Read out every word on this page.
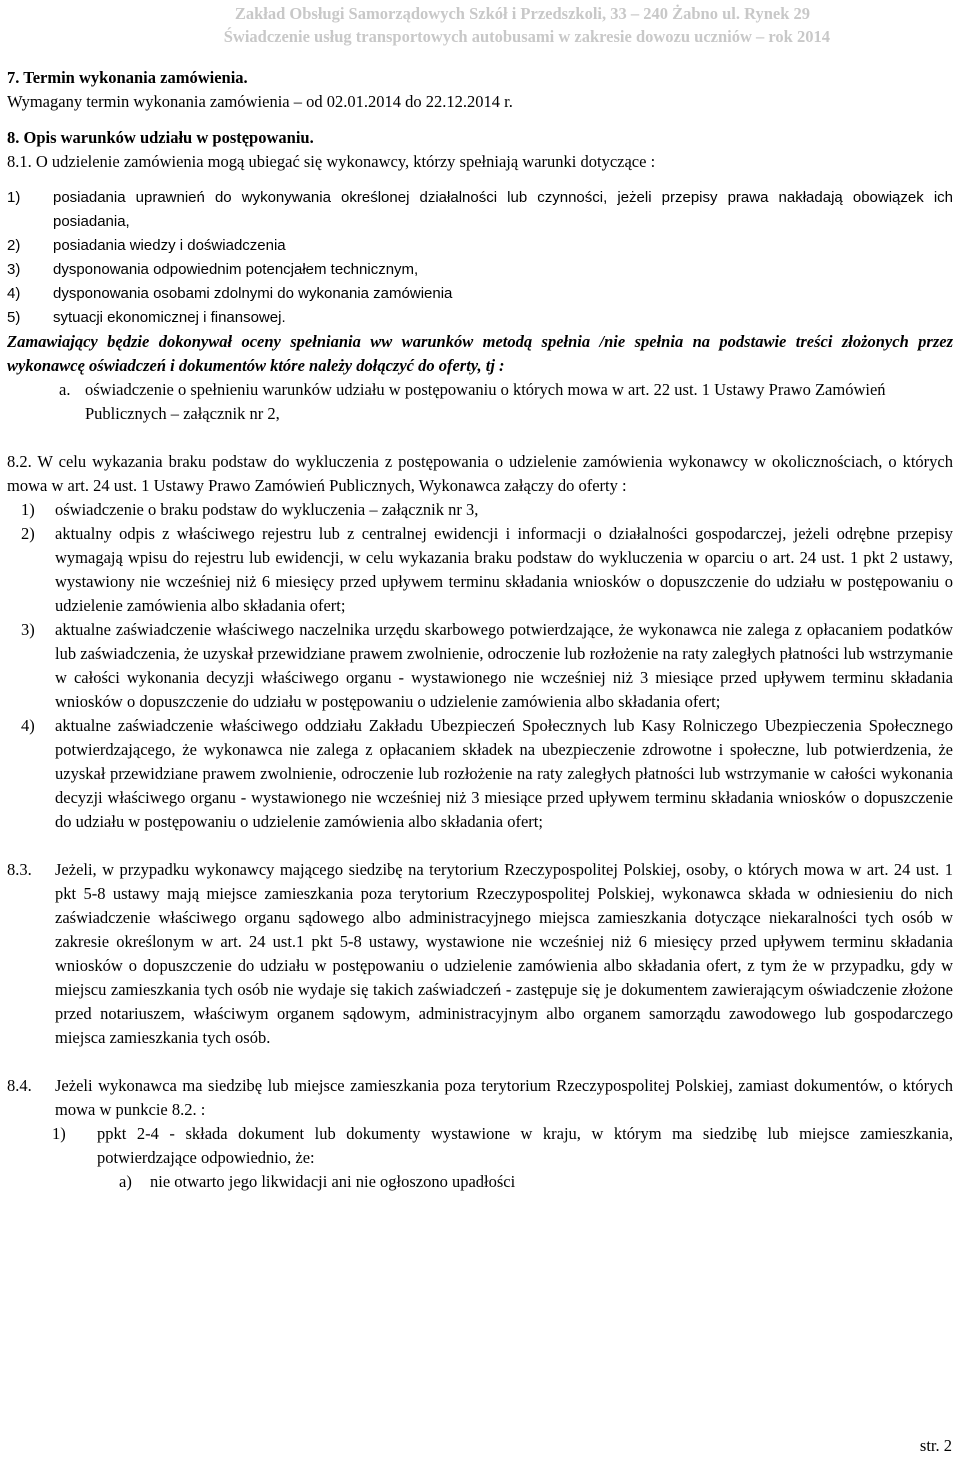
Zakład Obsługi Samorządowych Szkół i Przedszkoli, 33 – 240 Żabno ul. Rynek 29
Świadczenie usług transportowych autobusami w zakresie dowozu uczniów – rok 2014

7. Termin wykonania zamówienia.

Wymagany termin wykonania zamówienia – od 02.01.2014 do 22.12.2014 r.

8. Opis warunków udziału w postępowaniu.

8.1. O udzielenie zamówienia mogą ubiegać się wykonawcy, którzy spełniają warunki dotyczące :

1)	posiadania uprawnień do wykonywania określonej działalności lub czynności, jeżeli przepisy prawa nakładają obowiązek ich posiadania,
2) posiadania wiedzy i doświadczenia
3) dysponowania odpowiednim potencjałem technicznym,
4) dysponowania osobami zdolnymi do wykonania zamówienia
5) sytuacji ekonomicznej i finansowej.

Zamawiający będzie dokonywał oceny spełniania ww warunków metodą spełnia /nie spełnia na podstawie treści złożonych przez wykonawcę oświadczeń i dokumentów które należy dołączyć do oferty, tj :

a. oświadczenie o spełnieniu warunków udziału w postępowaniu o których mowa w art. 22 ust. 1 Ustawy Prawo Zamówień Publicznych – załącznik nr 2,

8.2. W celu wykazania braku podstaw do wykluczenia z postępowania o udzielenie zamówienia wykonawcy w okolicznościach, o których mowa w art. 24 ust. 1 Ustawy Prawo Zamówień Publicznych, Wykonawca załączy do oferty :

1) oświadczenie o braku podstaw do wykluczenia – załącznik nr 3,
2) aktualny odpis z właściwego rejestru lub z centralnej ewidencji i informacji o działalności gospodarczej, jeżeli odrębne przepisy wymagają wpisu do rejestru lub ewidencji, w celu wykazania braku podstaw do wykluczenia w oparciu o art. 24 ust. 1 pkt 2 ustawy, wystawiony nie wcześniej niż 6 miesięcy przed upływem terminu składania wniosków o dopuszczenie do udziału w postępowaniu o udzielenie zamówienia albo składania ofert;
3) aktualne zaświadczenie właściwego naczelnika urzędu skarbowego potwierdzające, że wykonawca nie zalega z opłacaniem podatków lub zaświadczenia, że uzyskał przewidziane prawem zwolnienie, odroczenie lub rozłożenie na raty zaległych płatności lub wstrzymanie w całości wykonania decyzji właściwego organu - wystawionego nie wcześniej niż 3 miesiące przed upływem terminu składania wniosków o dopuszczenie do udziału w postępowaniu o udzielenie zamówienia albo składania ofert;
4) aktualne zaświadczenie właściwego oddziału Zakładu Ubezpieczeń Społecznych lub Kasy Rolniczego Ubezpieczenia Społecznego potwierdzającego, że wykonawca nie zalega z opłacaniem składek na ubezpieczenie zdrowotne i społeczne, lub potwierdzenia, że uzyskał przewidziane prawem zwolnienie, odroczenie lub rozłożenie na raty zaległych płatności lub wstrzymanie w całości wykonania decyzji właściwego organu - wystawionego nie wcześniej niż 3 miesiące przed upływem terminu składania wniosków o dopuszczenie do udziału w postępowaniu o udzielenie zamówienia albo składania ofert;
8.3. Jeżeli, w przypadku wykonawcy mającego siedzibę na terytorium Rzeczypospolitej Polskiej, osoby, o których mowa w art. 24 ust. 1 pkt 5-8 ustawy mają miejsce zamieszkania poza terytorium Rzeczypospolitej Polskiej, wykonawca składa w odniesieniu do nich zaświadczenie właściwego organu sądowego albo administracyjnego miejsca zamieszkania dotyczące niekaralności tych osób w zakresie określonym w art. 24 ust.1 pkt 5-8 ustawy, wystawione nie wcześniej niż 6 miesięcy przed upływem terminu składania wniosków o dopuszczenie do udziału w postępowaniu o udzielenie zamówienia albo składania ofert, z tym że w przypadku, gdy w miejscu zamieszkania tych osób nie wydaje się takich zaświadczeń - zastępuje się je dokumentem zawierającym oświadczenie złożone przed notariuszem, właściwym organem sądowym, administracyjnym albo organem samorządu zawodowego lub gospodarczego miejsca zamieszkania tych osób.
8.4. Jeżeli wykonawca ma siedzibę lub miejsce zamieszkania poza terytorium Rzeczypospolitej Polskiej, zamiast dokumentów, o których mowa w punkcie 8.2. :
1) ppkt 2-4 - składa dokument lub dokumenty wystawione w kraju, w którym ma siedzibę lub miejsce zamieszkania, potwierdzające odpowiednio, że:
a) nie otwarto jego likwidacji ani nie ogłoszono upadłości
str. 2
